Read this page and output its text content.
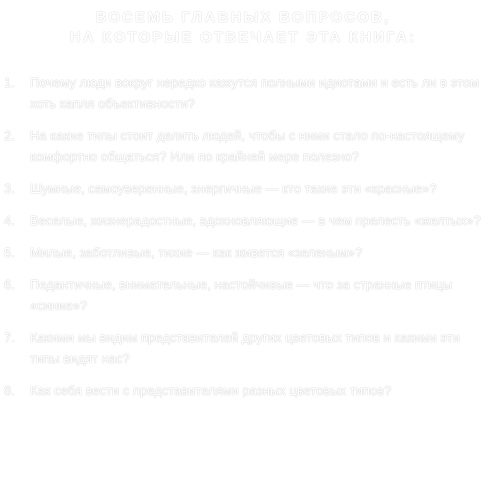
ВОСЕМЬ ГЛАВНЫХ ВОПРОСОВ,
НА КОТОРЫЕ ОТВЕЧАЕТ ЭТА КНИГА:
1.	Почему люди вокруг нередко кажутся полными идиотами и есть ли в этом хоть капля объективности?
2.	На какие типы стоит делить людей, чтобы с ними стало по-настоящему комфортно общаться? Или по крайней мере полезно?
3.	Шумные, самоуверенные, энергичные — кто такие эти «красные»?
4.	Веселые, жизнерадостные, вдохновляющие — в чем прелесть «желтых»?
5.	Милые, заботливые, тихие — как живется «зеленым»?
6.	Педантичные, внимательные, настойчивые — что за странные птицы «синие»?
7.	Какими мы видим представителей других цветовых типов и какими эти типы видят нас?
8.	Как себя вести с представителями разных цветовых типов?
